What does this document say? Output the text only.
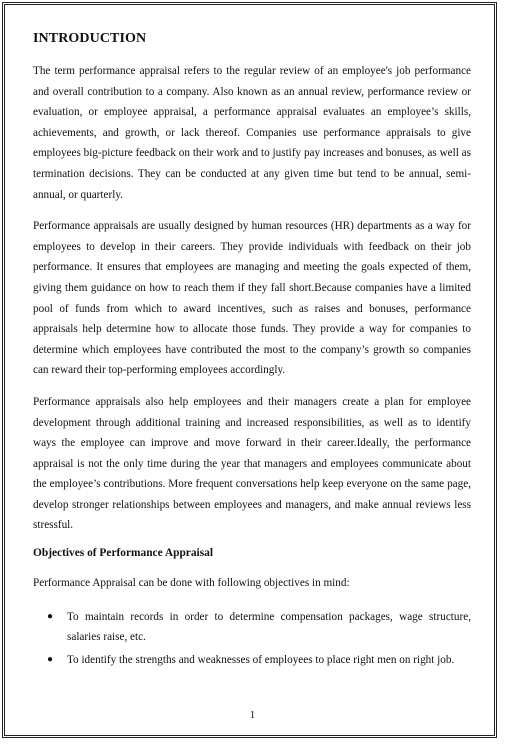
INTRODUCTION

The term performance appraisal refers to the regular review of an employee's job performance and overall contribution to a company. Also known as an annual review, performance review or evaluation, or employee appraisal, a performance appraisal evaluates an employee’s skills, achievements, and growth, or lack thereof. Companies use performance appraisals to give employees big-picture feedback on their work and to justify pay increases and bonuses, as well as termination decisions. They can be conducted at any given time but tend to be annual, semi-annual, or quarterly.

Performance appraisals are usually designed by human resources (HR) departments as a way for employees to develop in their careers. They provide individuals with feedback on their job performance. It ensures that employees are managing and meeting the goals expected of them, giving them guidance on how to reach them if they fall short.Because companies have a limited pool of funds from which to award incentives, such as raises and bonuses, performance appraisals help determine how to allocate those funds. They provide a way for companies to determine which employees have contributed the most to the company’s growth so companies can reward their top-performing employees accordingly.

Performance appraisals also help employees and their managers create a plan for employee development through additional training and increased responsibilities, as well as to identify ways the employee can improve and move forward in their career.Ideally, the performance appraisal is not the only time during the year that managers and employees communicate about the employee’s contributions. More frequent conversations help keep everyone on the same page, develop stronger relationships between employees and managers, and make annual reviews less stressful.

Objectives of Performance Appraisal

Performance Appraisal can be done with following objectives in mind:

● To maintain records in order to determine compensation packages, wage structure, salaries raise, etc.
● To identify the strengths and weaknesses of employees to place right men on right job.
1
